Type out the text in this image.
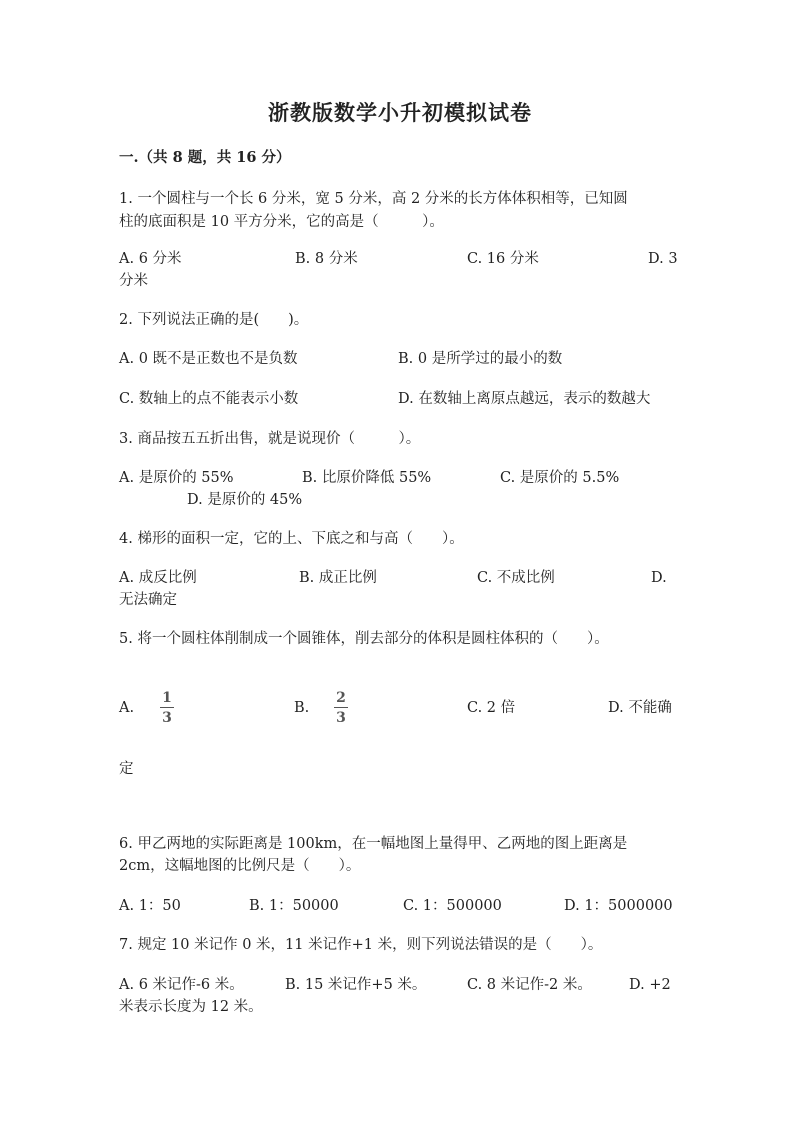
浙教版数学小升初模拟试卷
一.（共 8 题，共 16 分）
1. 一个圆柱与一个长 6 分米，宽 5 分米，高 2 分米的长方体体积相等，已知圆
柱的底面积是 10 平方分米，它的高是（　　　）。
A. 6 分米	B. 8 分米	C. 16 分米	D. 3
分米
2. 下列说法正确的是(　　)。
A. 0 既不是正数也不是负数	B. 0 是所学过的最小的数
C. 数轴上的点不能表示小数	D. 在数轴上离原点越远，表示的数越大
3. 商品按五五折出售，就是说现价（　　　）。
A. 是原价的 55%	B. 比原价降低 55%	C. 是原价的 5.5%
D. 是原价的 45%
4. 梯形的面积一定，它的上、下底之和与高（　　）。
A. 成反比例	B. 成正比例	C. 不成比例	D.
无法确定
5. 将一个圆柱体削制成一个圆锥体，削去部分的体积是圆柱体积的（　　）。
A.
1
3
B.
2
3
C. 2 倍	D. 不能确
定
6. 甲乙两地的实际距离是 100km，在一幅地图上量得甲、乙两地的图上距离是
2cm，这幅地图的比例尺是（　　）。
A. 1：50	B. 1：50000	C. 1：500000	D. 1：5000000
7. 规定 10 米记作 0 米，11 米记作+1 米，则下列说法错误的是（　　）。
A. 6 米记作-6 米。	B. 15 米记作+5 米。	C. 8 米记作-2 米。	D. +2
米表示长度为 12 米。
